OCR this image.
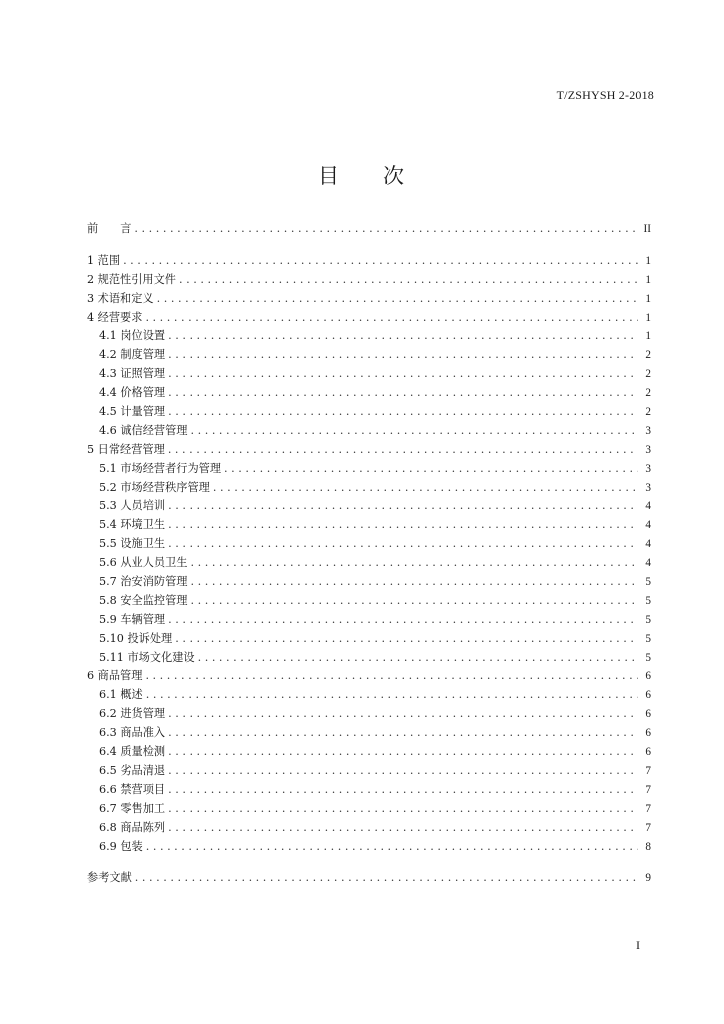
T/ZSHYSH 2-2018
目 次
前 言 . . .	II
1 范围 . . .	1
2 规范性引用文件 . . .	1
3 术语和定义 . . .	1
4 经营要求 . . .	1
4.1 岗位设置 . . .	1
4.2 制度管理 . . .	2
4.3 证照管理 . . .	2
4.4 价格管理 . . .	2
4.5 计量管理 . . .	2
4.6 诚信经营管理 . . .	3
5 日常经营管理 . . .	3
5.1 市场经营者行为管理 . . .	3
5.2 市场经营秩序管理 . . .	3
5.3 人员培训 . . .	4
5.4 环境卫生 . . .	4
5.5 设施卫生 . . .	4
5.6 从业人员卫生 . . .	4
5.7 治安消防管理 . . .	5
5.8 安全监控管理 . . .	5
5.9 车辆管理 . . .	5
5.10 投诉处理 . . .	5
5.11 市场文化建设 . . .	5
6 商品管理 . . .	6
6.1 概述 . . .	6
6.2 进货管理 . . .	6
6.3 商品准入 . . .	6
6.4 质量检测 . . .	6
6.5 劣品清退 . . .	7
6.6 禁营项目 . . .	7
6.7 零售加工 . . .	7
6.8 商品陈列 . . .	7
6.9 包装 . . .	8
参考文献 . . .	9
I
